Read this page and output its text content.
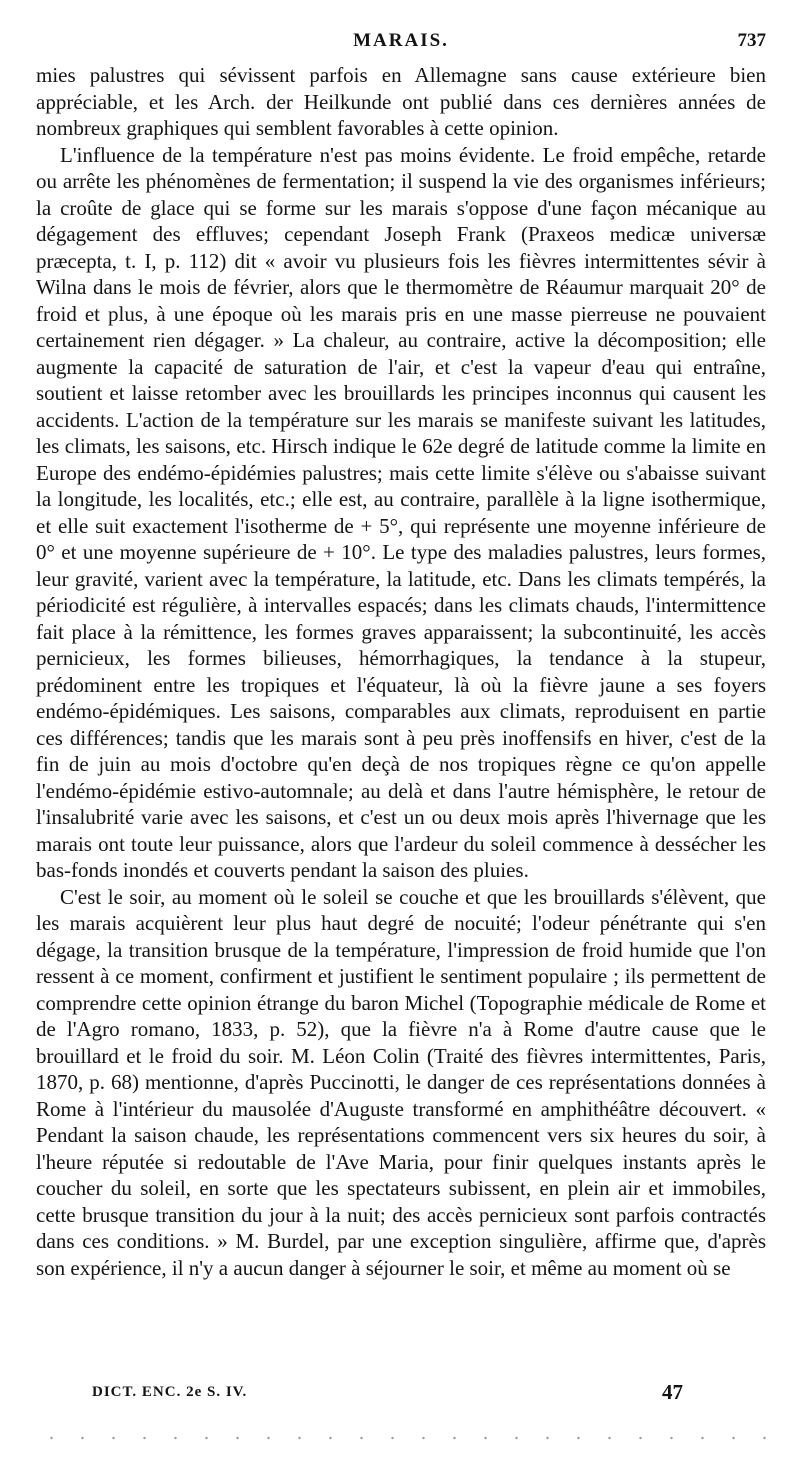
MARAIS.	737

mies palustres qui sévissent parfois en Allemagne sans cause extérieure bien appréciable, et les Arch. der Heilkunde ont publié dans ces dernières années de nombreux graphiques qui semblent favorables à cette opinion.

L'influence de la température n'est pas moins évidente. Le froid empêche, retarde ou arrête les phénomènes de fermentation; il suspend la vie des organismes inférieurs; la croûte de glace qui se forme sur les marais s'oppose d'une façon mécanique au dégagement des effluves; cependant Joseph Frank (Praxeos medicæ universæ præcepta, t. I, p. 112) dit « avoir vu plusieurs fois les fièvres intermittentes sévir à Wilna dans le mois de février, alors que le thermomètre de Réaumur marquait 20° de froid et plus, à une époque où les marais pris en une masse pierreuse ne pouvaient certainement rien dégager. » La chaleur, au contraire, active la décomposition; elle augmente la capacité de saturation de l'air, et c'est la vapeur d'eau qui entraîne, soutient et laisse retomber avec les brouillards les principes inconnus qui causent les accidents. L'action de la température sur les marais se manifeste suivant les latitudes, les climats, les saisons, etc. Hirsch indique le 62e degré de latitude comme la limite en Europe des endémo-épidémies palustres; mais cette limite s'élève ou s'abaisse suivant la longitude, les localités, etc.; elle est, au contraire, parallèle à la ligne isothermique, et elle suit exactement l'isotherme de + 5°, qui représente une moyenne inférieure de 0° et une moyenne supérieure de + 10°. Le type des maladies palustres, leurs formes, leur gravité, varient avec la température, la latitude, etc. Dans les climats tempérés, la périodicité est régulière, à intervalles espacés; dans les climats chauds, l'intermittence fait place à la rémittence, les formes graves apparaissent; la subcontinuité, les accès pernicieux, les formes bilieuses, hémorrhagiques, la tendance à la stupeur, prédominent entre les tropiques et l'équateur, là où la fièvre jaune a ses foyers endémo-épidémiques. Les saisons, comparables aux climats, reproduisent en partie ces différences; tandis que les marais sont à peu près inoffensifs en hiver, c'est de la fin de juin au mois d'octobre qu'en deçà de nos tropiques règne ce qu'on appelle l'endémo-épidémie estivo-automnale; au delà et dans l'autre hémisphère, le retour de l'insalubrité varie avec les saisons, et c'est un ou deux mois après l'hivernage que les marais ont toute leur puissance, alors que l'ardeur du soleil commence à dessécher les bas-fonds inondés et couverts pendant la saison des pluies.

C'est le soir, au moment où le soleil se couche et que les brouillards s'élèvent, que les marais acquièrent leur plus haut degré de nocuité; l'odeur pénétrante qui s'en dégage, la transition brusque de la température, l'impression de froid humide que l'on ressent à ce moment, confirment et justifient le sentiment populaire ; ils permettent de comprendre cette opinion étrange du baron Michel (Topographie médicale de Rome et de l'Agro romano, 1833, p. 52), que la fièvre n'a à Rome d'autre cause que le brouillard et le froid du soir. M. Léon Colin (Traité des fièvres intermittentes, Paris, 1870, p. 68) mentionne, d'après Puccinotti, le danger de ces représentations données à Rome à l'intérieur du mausolée d'Auguste transformé en amphithéâtre découvert. « Pendant la saison chaude, les représentations commencent vers six heures du soir, à l'heure réputée si redoutable de l'Ave Maria, pour finir quelques instants après le coucher du soleil, en sorte que les spectateurs subissent, en plein air et immobiles, cette brusque transition du jour à la nuit; des accès pernicieux sont parfois contractés dans ces conditions. » M. Burdel, par une exception singulière, affirme que, d'après son expérience, il n'y a aucun danger à séjourner le soir, et même au moment où se

DICT. ENC. 2e S. IV.	47
